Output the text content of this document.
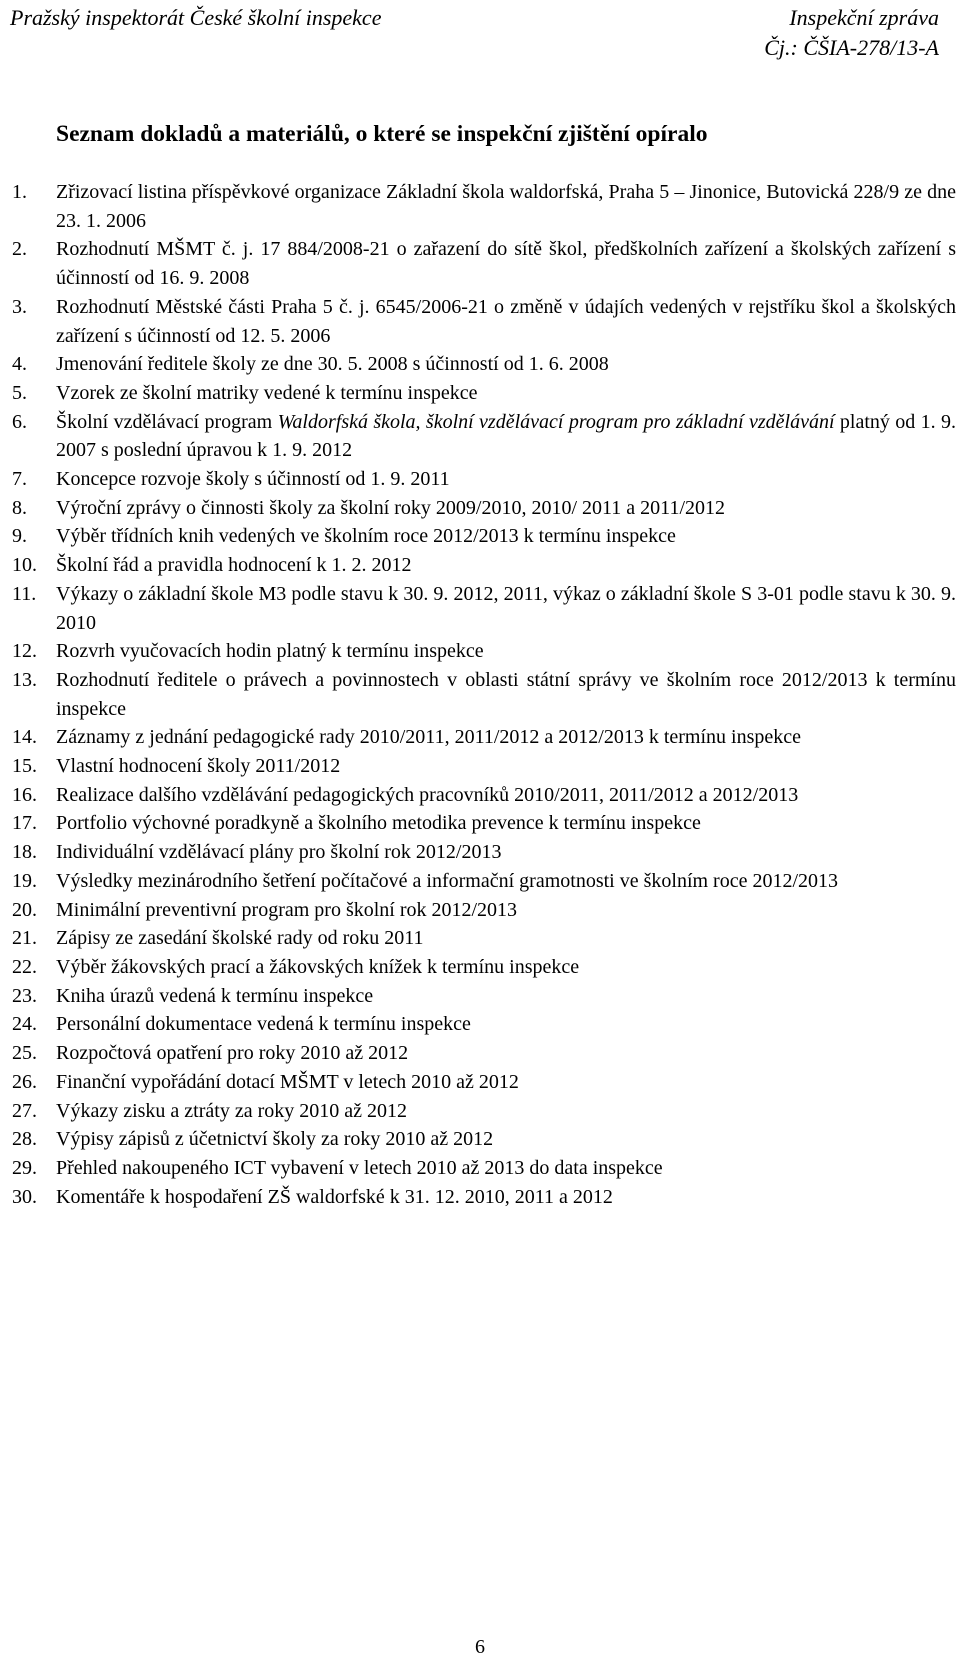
Pražský inspektorát České školní inspekce	Inspekční zpráva
Čj.: ČŠIA-278/13-A
Seznam dokladů a materiálů, o které se inspekční zjištění opíralo
1.	Zřizovací listina příspěvkové organizace Základní škola waldorfská, Praha 5 – Jinonice, Butovická 228/9 ze dne 23. 1. 2006
2.	Rozhodnutí MŠMT č. j. 17 884/2008-21 o zařazení do sítě škol, předškolních zařízení a školských zařízení s účinností od 16. 9. 2008
3.	Rozhodnutí Městské části Praha 5 č. j. 6545/2006-21 o změně v údajích vedených v rejstříku škol a školských zařízení s účinností od 12. 5. 2006
4.	Jmenování ředitele školy ze dne 30. 5. 2008 s účinností od 1. 6. 2008
5.	Vzorek ze školní matriky vedené k termínu inspekce
6.	Školní vzdělávací program Waldorfská škola, školní vzdělávací program pro základní vzdělávání platný od 1. 9. 2007 s poslední úpravou k 1. 9. 2012
7.	Koncepce rozvoje školy s účinností od 1. 9. 2011
8.	Výroční zprávy o činnosti školy za školní roky 2009/2010, 2010/ 2011 a 2011/2012
9.	Výběr třídních knih vedených ve školním roce 2012/2013 k termínu inspekce
10. Školní řád a pravidla hodnocení k 1. 2. 2012
11. Výkazy o základní škole M3 podle stavu k 30. 9. 2012, 2011, výkaz o základní škole S 3-01 podle stavu k 30. 9. 2010
12. Rozvrh vyučovacích hodin platný k termínu inspekce
13. Rozhodnutí ředitele o právech a povinnostech v oblasti státní správy ve školním roce 2012/2013 k termínu inspekce
14. Záznamy z jednání pedagogické rady 2010/2011, 2011/2012 a 2012/2013 k termínu inspekce
15. Vlastní hodnocení školy 2011/2012
16. Realizace dalšího vzdělávání pedagogických pracovníků 2010/2011, 2011/2012 a 2012/2013
17. Portfolio výchovné poradkyně a školního metodika prevence k termínu inspekce
18. Individuální vzdělávací plány pro školní rok 2012/2013
19. Výsledky mezinárodního šetření počítačové a informační gramotnosti ve školním roce 2012/2013
20. Minimální preventivní program pro školní rok 2012/2013
21. Zápisy ze zasedání školské rady od roku 2011
22. Výběr žákovských prací a žákovských knížek k termínu inspekce
23. Kniha úrazů vedená k termínu inspekce
24. Personální dokumentace vedená k termínu inspekce
25. Rozpočtová opatření pro roky 2010 až 2012
26. Finanční vypořádání dotací MŠMT v letech 2010 až 2012
27. Výkazy zisku a ztráty za roky 2010 až 2012
28. Výpisy zápisů z účetnictví školy za roky 2010 až 2012
29. Přehled nakoupeného ICT vybavení v letech 2010 až 2013 do data inspekce
30. Komentáře k hospodaření ZŠ waldorfské k 31. 12. 2010, 2011 a 2012
6
